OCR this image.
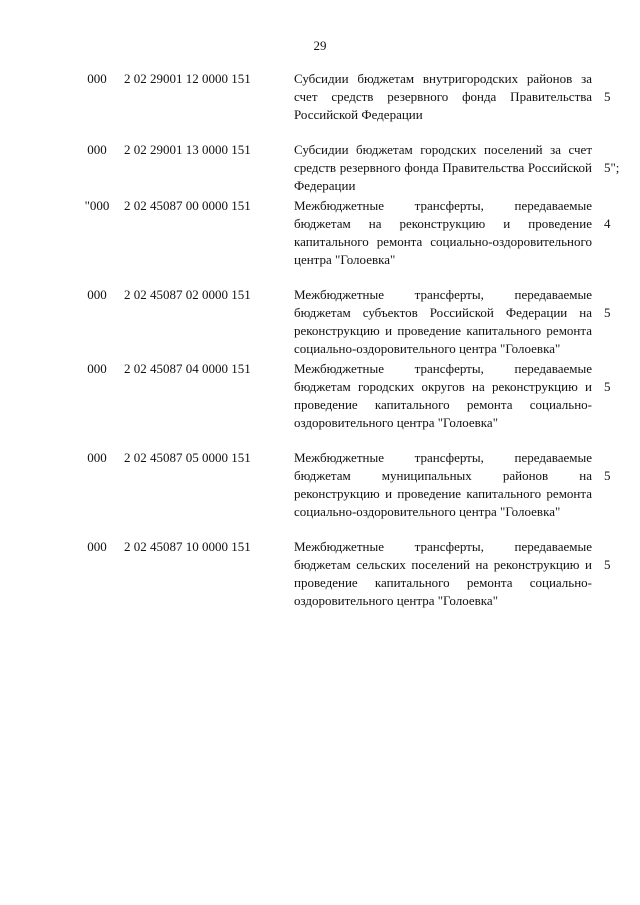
29
000	2 02 29001 12 0000 151	Субсидии бюджетам внутригородских районов за счет средств резервного фонда Правительства Российской Федерации	5

000	2 02 29001 13 0000 151	Субсидии бюджетам городских поселений за счет средств резервного фонда Правительства Российской Федерации	5";

"000	2 02 45087 00 0000 151	Межбюджетные трансферты, передаваемые бюджетам на реконструкцию и проведение капитального ремонта социально-оздоровительного центра "Голоевка"	4

000	2 02 45087 02 0000 151	Межбюджетные трансферты, передаваемые бюджетам субъектов Российской Федерации на реконструкцию и проведение капитального ремонта социально-оздоровительного центра "Голоевка"	5

000	2 02 45087 04 0000 151	Межбюджетные трансферты, передаваемые бюджетам городских округов на реконструкцию и проведение капитального ремонта социально-оздоровительного центра "Голоевка"	5

000	2 02 45087 05 0000 151	Межбюджетные трансферты, передаваемые бюджетам муниципальных районов на реконструкцию и проведение капитального ремонта социально-оздоровительного центра "Голоевка"	5

000	2 02 45087 10 0000 151	Межбюджетные трансферты, передаваемые бюджетам сельских поселений на реконструкцию и проведение капитального ремонта социально-оздоровительного центра "Голоевка"	5
